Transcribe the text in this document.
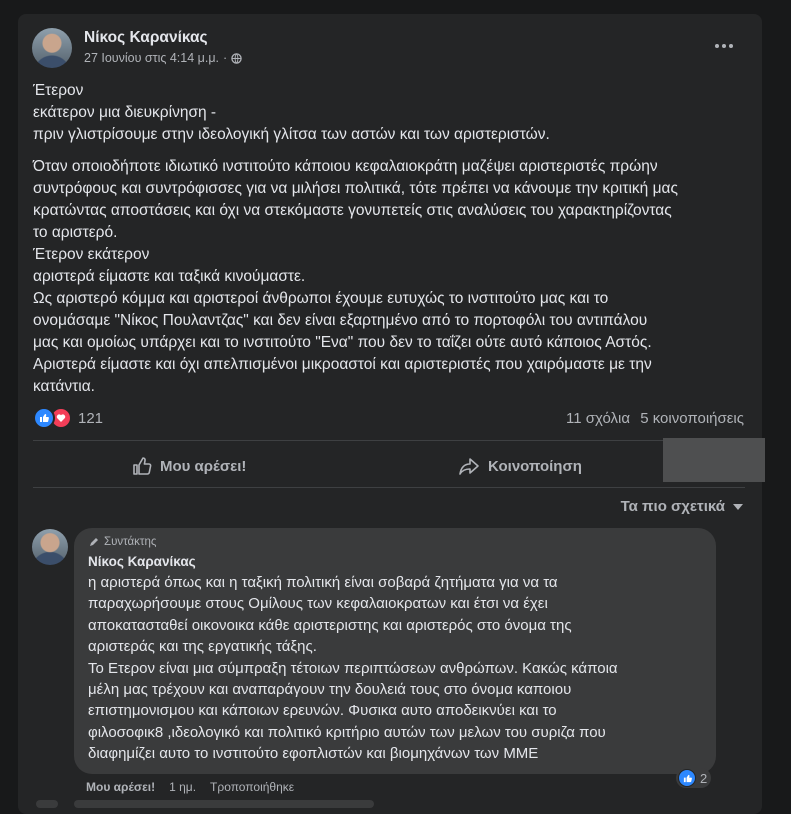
Νίκος Καρανίκας
27 Ιουνίου στις 4:14 μ.μ. ·

Έτερον

εκάτερον μια διευκρίνηση -

πριν γλιστρίσουμε στην ιδεολογική γλίτσα των αστών και των αριστεριστών.

Όταν οποιοδήποτε ιδιωτικό ινστιτούτο κάποιου κεφαλαιοκράτη μαζέψει αριστεριστές πρώην

συντρόφους και συντρόφισσες για να μιλήσει πολιτικά, τότε πρέπει να κάνουμε την κριτική μας

κρατώντας αποστάσεις και όχι να στεκόμαστε γονυπετείς στις αναλύσεις του χαρακτηρίζοντας

το αριστερό.

Έτερον εκάτερον

αριστερά είμαστε και ταξικά κινούμαστε.

Ως αριστερό κόμμα και αριστεροί άνθρωποι έχουμε ευτυχώς το ινστιτούτο μας και το

ονομάσαμε "Νίκος Πουλαντζας" και δεν είναι εξαρτημένο από το πορτοφόλι του αντιπάλου

μας και ομοίως υπάρχει και το ινστιτούτο "Ενα" που δεν το ταΐζει ούτε αυτό κάποιος Αστός.

Αριστερά είμαστε και όχι απελπισμένοι μικροαστοί και αριστεριστές που χαιρόμαστε με την

κατάντια.

121	11 σχόλια 5 κοινοποιήσεις
Μου αρέσει!	Κοινοποίηση
Τα πιο σχετικά
Συντάκτης
Νίκος Καρανίκας

η αριστερά όπως και η ταξική πολιτική είναι σοβαρά ζητήματα για να τα

παραχωρήσουμε στους Ομίλους των κεφαλαιοκρατων και έτσι να έχει

αποκατασταθεί οικονοικα κάθε αριστεριστης και αριστερός στο όνομα της

αριστεράς και της εργατικής τάξης.

Το Ετερον είναι μια σύμπραξη τέτοιων περιπτώσεων ανθρώπων. Κακώς κάποια

μέλη μας τρέχουν και αναπαράγουν την δουλειά τους στο όνομα καποιου

επιστημονισμου και κάποιων ερευνών. Φυσικα αυτο αποδεικνύει και το

φιλοσοφικ8 ,ιδεολογικό και πολιτικό κριτήριο αυτών των μελων του συριζα που

διαφημίζει αυτο το ινστιτούτο εφοπλιστών και βιομηχάνων των ΜΜΕ

2
Μου αρέσει! 1 ημ. Τροποποιήθηκε
